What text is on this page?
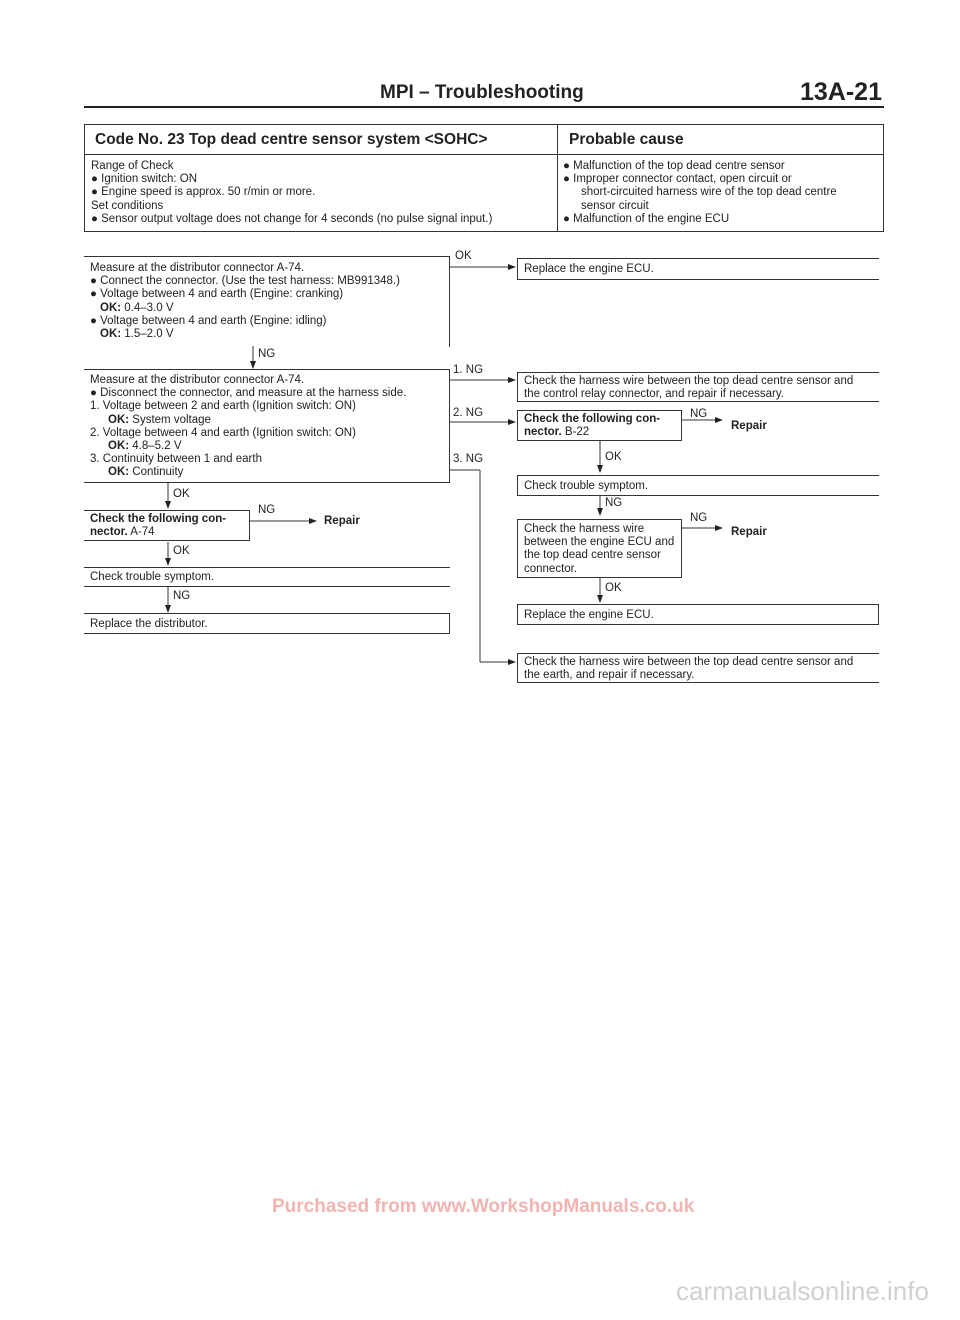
MPI – Troubleshooting	13A-21
Code No. 23 Top dead centre sensor system <SOHC>	Probable cause
Range of Check
● Ignition switch: ON
● Engine speed is approx. 50 r/min or more.
Set conditions
● Sensor output voltage does not change for 4 seconds (no pulse signal input.)
● Malfunction of the top dead centre sensor
● Improper connector contact, open circuit or
short-circuited harness wire of the top dead centre
sensor circuit
● Malfunction of the engine ECU
Measure at the distributor connector A-74.
● Connect the connector. (Use the test harness: MB991348.)
● Voltage between 4 and earth (Engine: cranking)
OK: 0.4–3.0 V
● Voltage between 4 and earth (Engine: idling)
OK: 1.5–2.0 V
OK
Replace the engine ECU.
NG
Measure at the distributor connector A-74.
● Disconnect the connector, and measure at the harness side.
1. Voltage between 2 and earth (Ignition switch: ON)
OK: System voltage
2. Voltage between 4 and earth (Ignition switch: ON)
OK: 4.8–5.2 V
3. Continuity between 1 and earth
OK: Continuity
1. NG
Check the harness wire between the top dead centre sensor and
the control relay connector, and repair if necessary.
2. NG	Check the following con-
nector. B-22
NG
Repair
OK
3. NG
Check trouble symptom.
NG
Check the harness wire
between the engine ECU and
the top dead centre sensor
connector.
NG
Repair
OK
Replace the engine ECU.
Check the harness wire between the top dead centre sensor and
the earth, and repair if necessary.
OK
Check the following con-
nector. A-74
NG
Repair
OK
Check trouble symptom.
NG
Replace the distributor.
Purchased from www.WorkshopManuals.co.uk
carmanualsonline.info
